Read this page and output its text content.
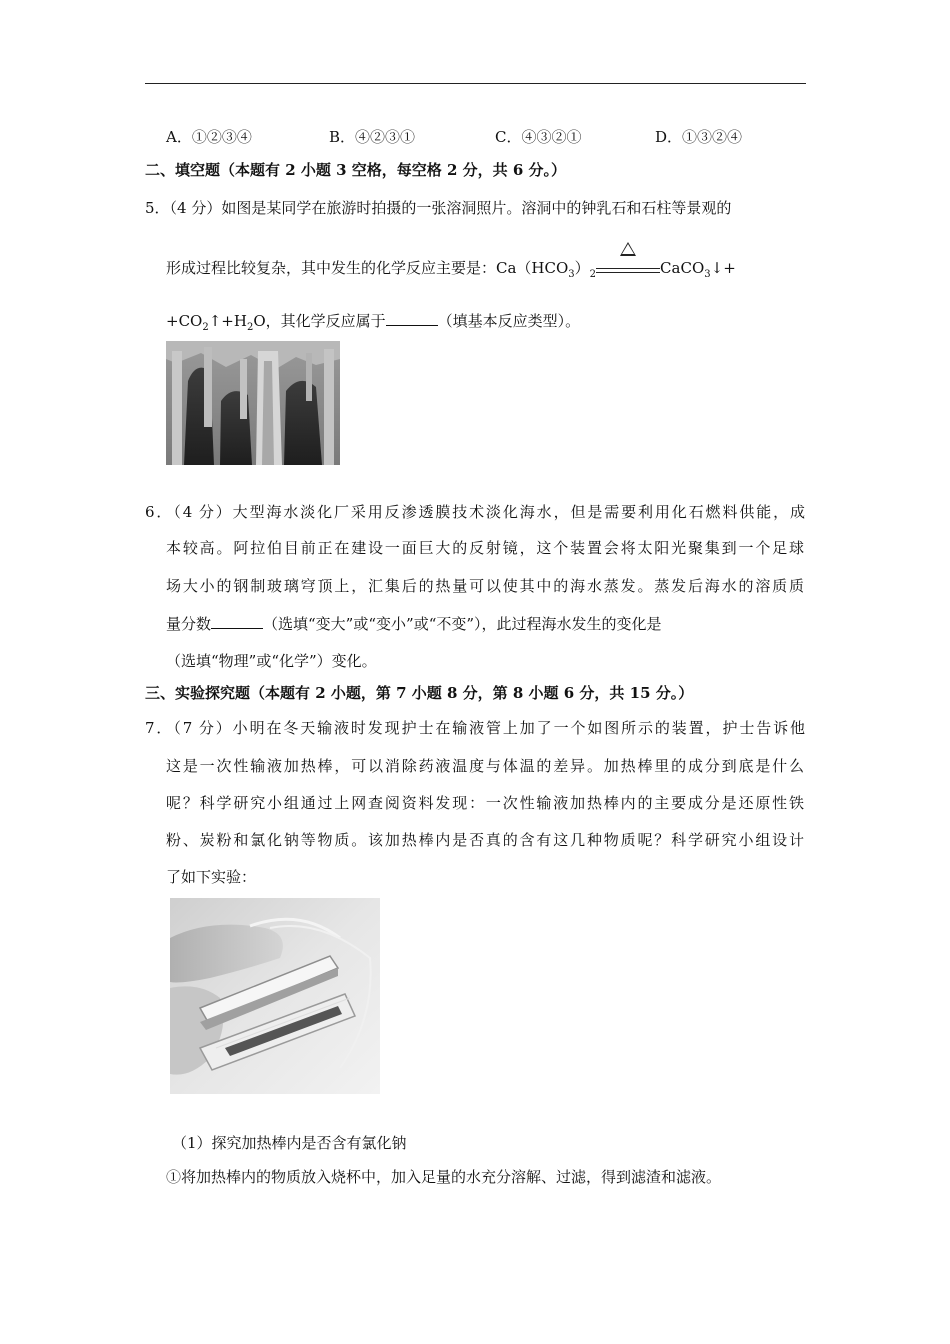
A．①②③④	B．④②③①	C．④③②①	D．①③②④
二、填空题（本题有 2 小题 3 空格，每空格 2 分，共 6 分。）
5．（4 分）如图是某同学在旅游时拍摄的一张溶洞照片。溶洞中的钟乳石和石柱等景观的
形成过程比较复杂，其中发生的化学反应主要是：$Ca(HCO_3)_2$	CaCO$_3$↓+
$+CO_2↑+H_2O$，其化学反应属于	（填基本反应类型）。
6．（4 分）大型海水淡化厂采用反渗透膜技术淡化海水，但是需要利用化石燃料供能，成
本较高。阿拉伯目前正在建设一面巨大的反射镜，这个装置会将太阳光聚集到一个足球
场大小的钢制玻璃穹顶上，汇集后的热量可以使其中的海水蒸发。蒸发后海水的溶质质
量分数	（选填“变大”或“变小”或“不变”），此过程海水发生的变化是
（选填“物理”或“化学”）变化。
三、实验探究题（本题有 2 小题，第 7 小题 8 分，第 8 小题 6 分，共 15 分。）
7．（7 分）小明在冬天输液时发现护士在输液管上加了一个如图所示的装置，护士告诉他
这是一次性输液加热棒，可以消除药液温度与体温的差异。加热棒里的成分到底是什么
呢？科学研究小组通过上网查阅资料发现：一次性输液加热棒内的主要成分是还原性铁
粉、炭粉和氯化钠等物质。该加热棒内是否真的含有这几种物质呢？科学研究小组设计
了如下实验：
（1）探究加热棒内是否含有氯化钠
①将加热棒内的物质放入烧杯中，加入足量的水充分溶解、过滤，得到滤渣和滤液。
